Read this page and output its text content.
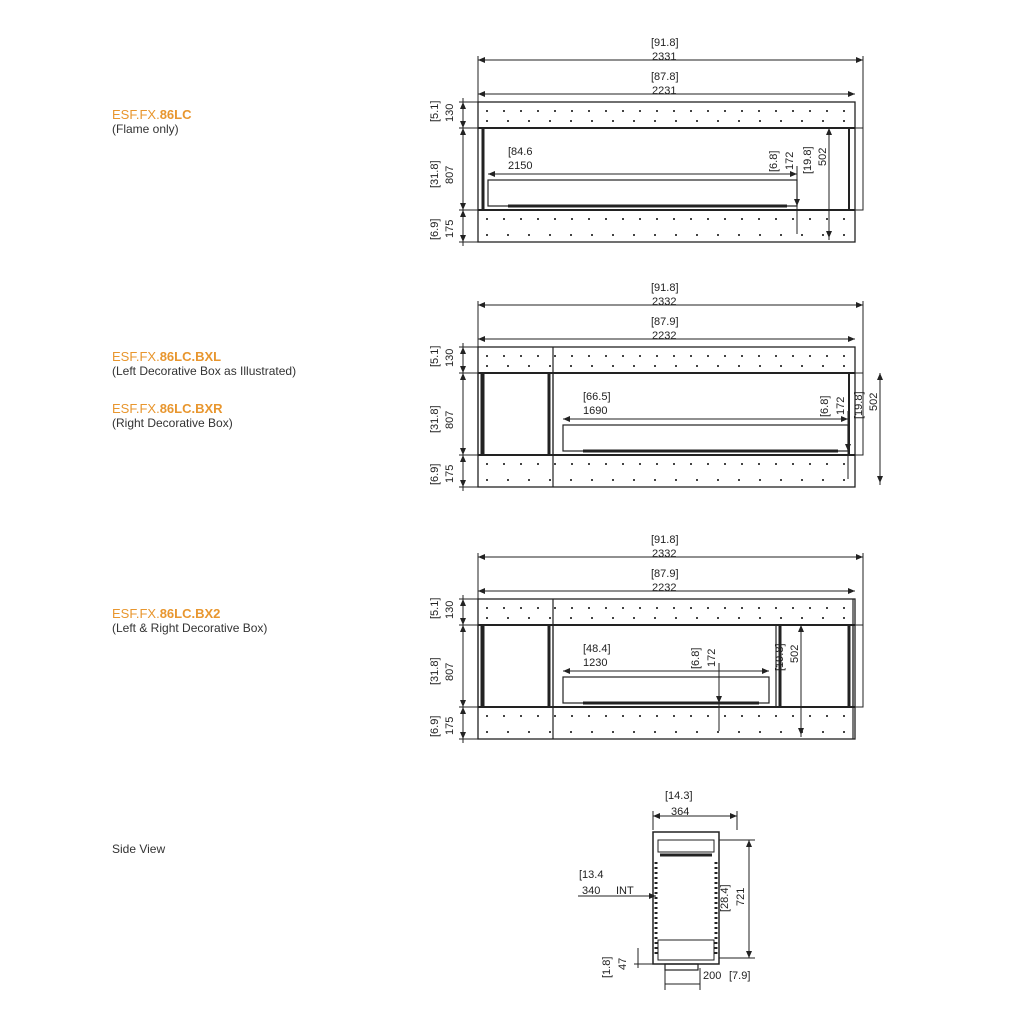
ESF.FX.86LC
(Flame only)
ESF.FX.86LC.BXL
(Left Decorative Box as Illustrated)
ESF.FX.86LC.BXR
(Right Decorative Box)
ESF.FX.86LC.BX2
(Left & Right Decorative Box)
Side View
[91.8]
2331
[87.8]
2231
[84.6
2150	[6.8] 172 [19.8] 502
[5.1] 130
[31.8] 807
[6.9] 175
[91.8]
2332
[87.9]
2232
[66.5]
1690	[6.8] 172 [19.8] 502
[5.1] 130
[31.8] 807
[6.9] 175
[91.8]
2332
[87.9]
2232
[48.4]
1230	[6.8] 172	[19.8] 502
[5.1] 130
[31.8] 807
[6.9] 175
[14.3]
364
[13.4
340 INT	[28.4] 721
[1.8] 47
200 [7.9]
